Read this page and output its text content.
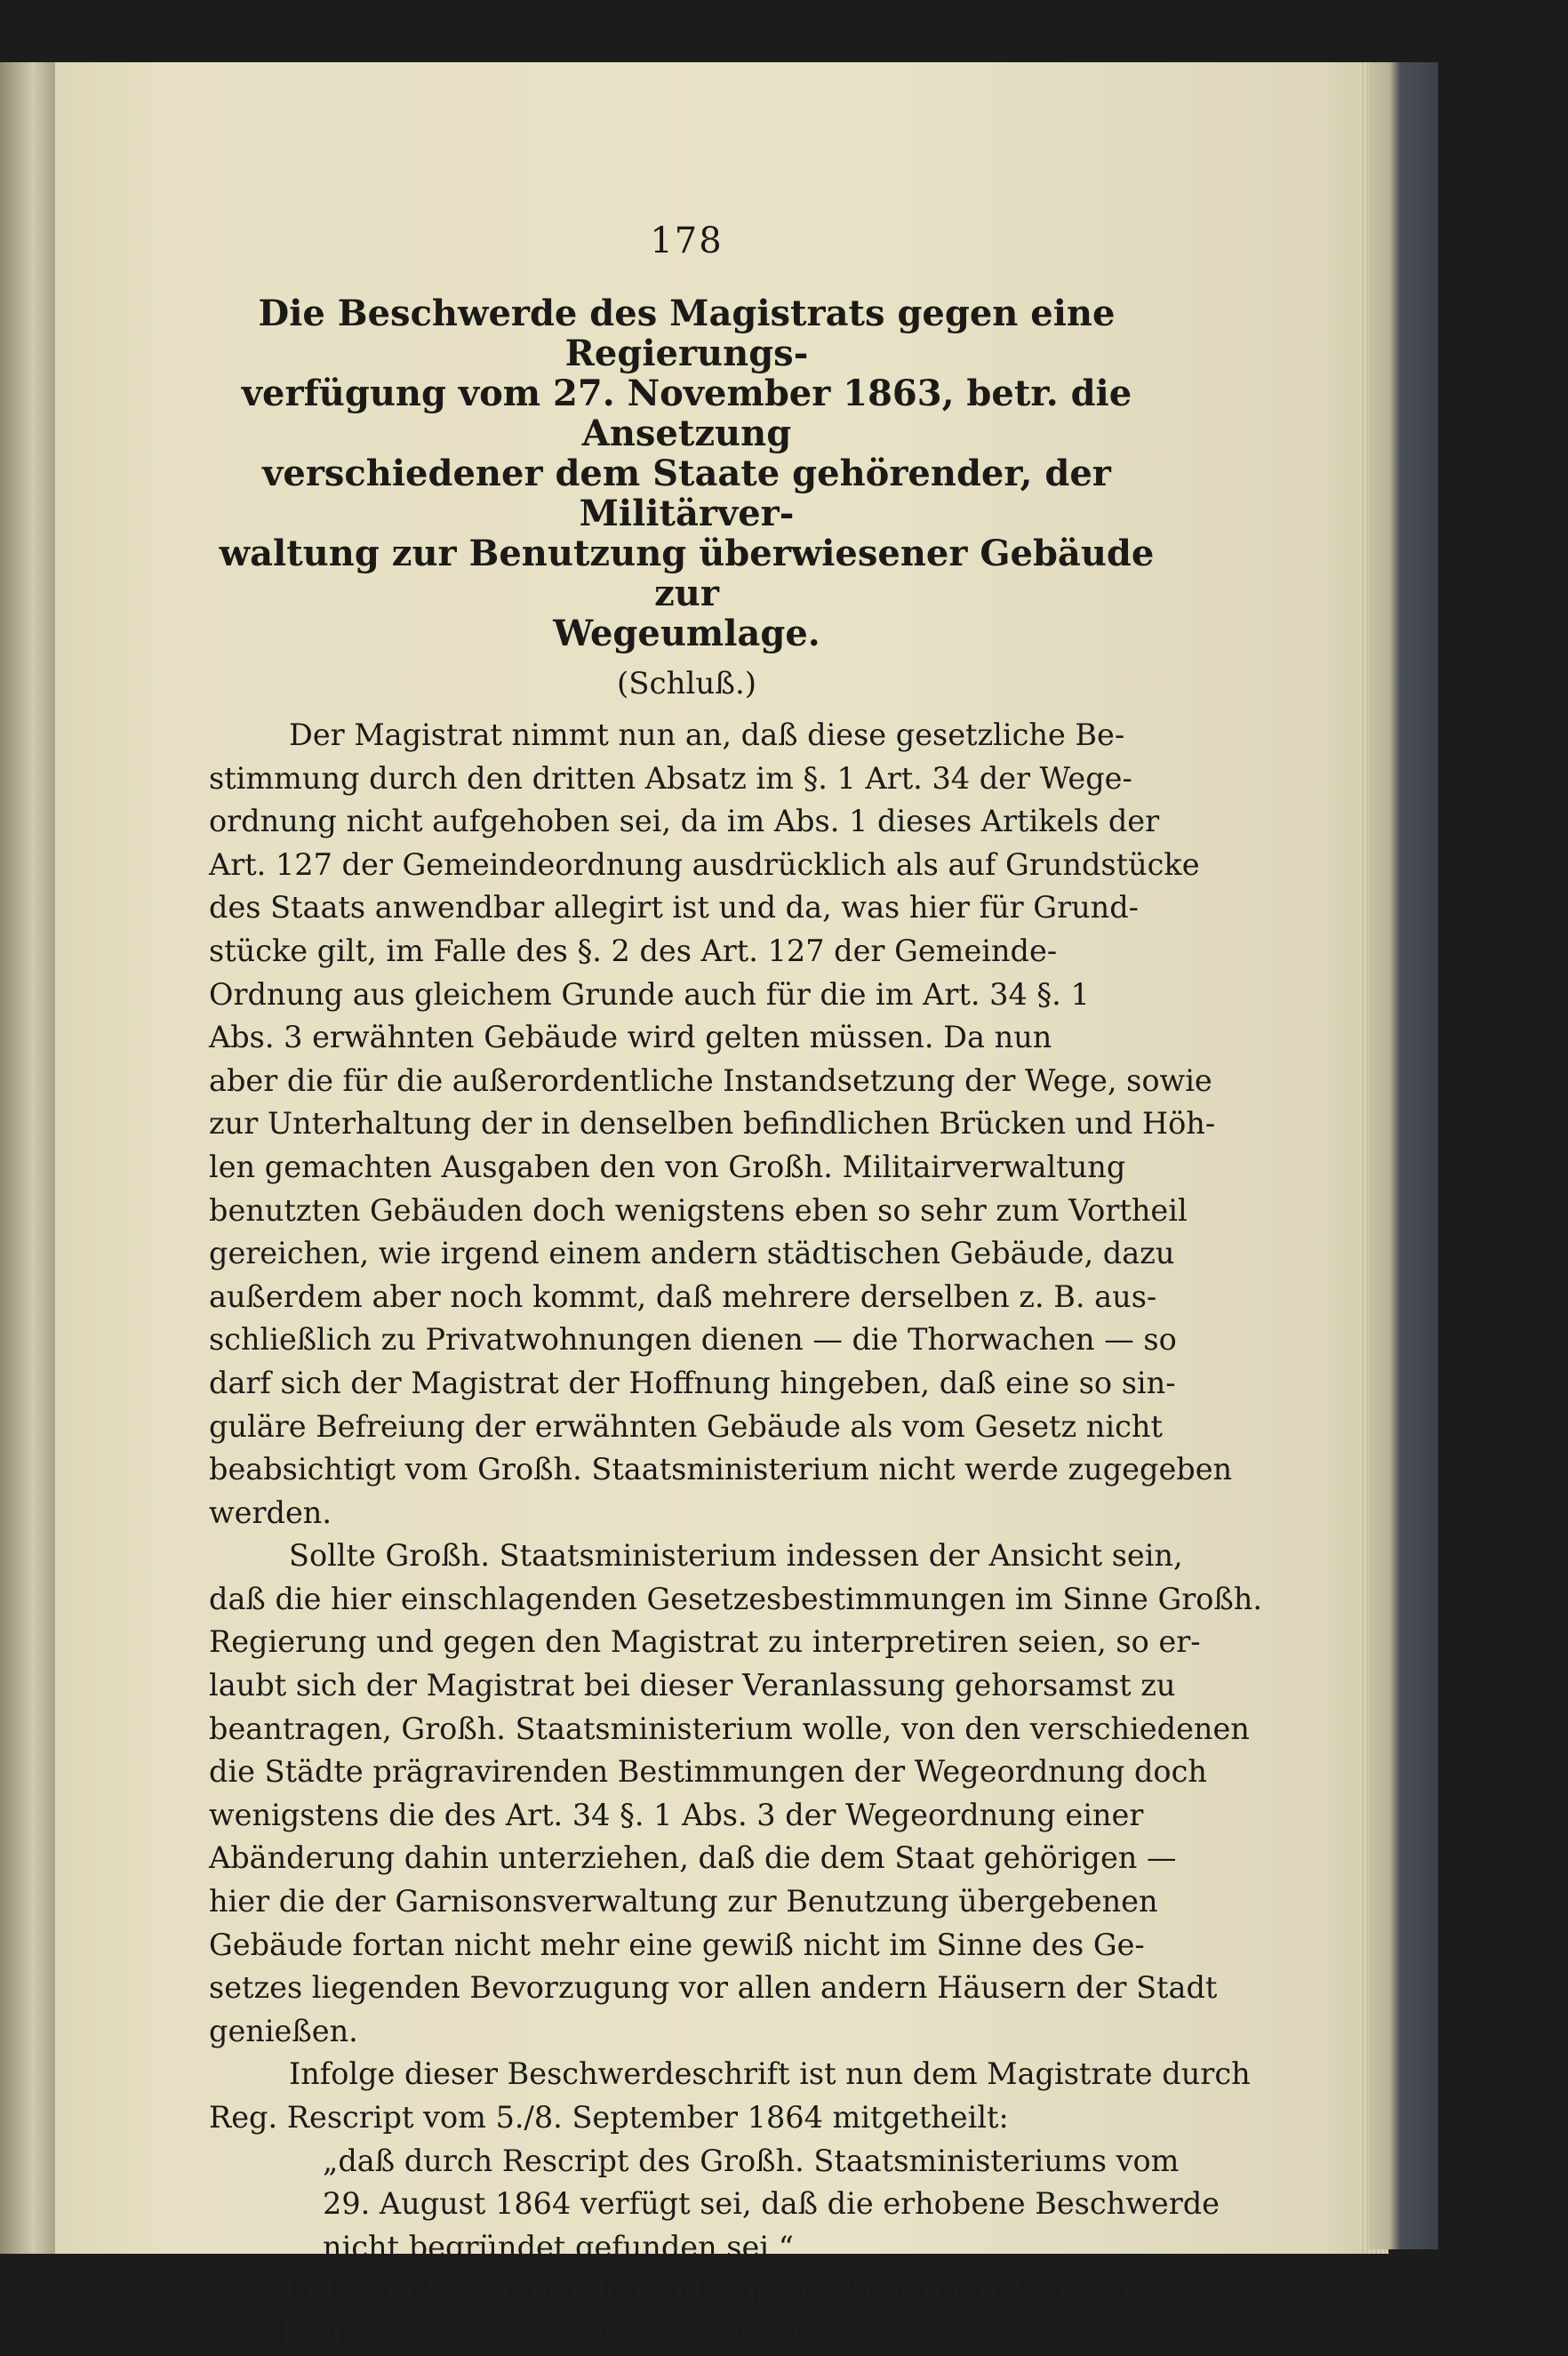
178
Die Beschwerde des Magistrats gegen eine Regierungs-
verfügung vom 27. November 1863, betr. die Ansetzung
verschiedener dem Staate gehörender, der Militärver-
waltung zur Benutzung überwiesener Gebäude zur
Wegeumlage.
(Schluß.)
Der Magistrat nimmt nun an, daß diese gesetzliche Be-
stimmung durch den dritten Absatz im §. 1 Art. 34 der Wege-
ordnung nicht aufgehoben sei, da im Abs. 1 dieses Artikels der
Art. 127 der Gemeindeordnung ausdrücklich als auf Grundstücke
des Staats anwendbar allegirt ist und da, was hier für Grund-
stücke gilt, im Falle des §. 2 des Art. 127 der Gemeinde-
Ordnung aus gleichem Grunde auch für die im Art. 34 §. 1
Abs. 3 erwähnten Gebäude wird gelten müssen. Da nun
aber die für die außerordentliche Instandsetzung der Wege, sowie
zur Unterhaltung der in denselben befindlichen Brücken und Höh-
len gemachten Ausgaben den von Großh. Militairverwaltung
benutzten Gebäuden doch wenigstens eben so sehr zum Vortheil
gereichen, wie irgend einem andern städtischen Gebäude, dazu
außerdem aber noch kommt, daß mehrere derselben z. B. aus-
schließlich zu Privatwohnungen dienen — die Thorwachen — so
darf sich der Magistrat der Hoffnung hingeben, daß eine so sin-
guläre Befreiung der erwähnten Gebäude als vom Gesetz nicht
beabsichtigt vom Großh. Staatsministerium nicht werde zugegeben
werden.
Sollte Großh. Staatsministerium indessen der Ansicht sein,
daß die hier einschlagenden Gesetzesbestimmungen im Sinne Großh.
Regierung und gegen den Magistrat zu interpretiren seien, so er-
laubt sich der Magistrat bei dieser Veranlassung gehorsamst zu
beantragen, Großh. Staatsministerium wolle, von den verschiedenen
die Städte prägravirenden Bestimmungen der Wegeordnung doch
wenigstens die des Art. 34 §. 1 Abs. 3 der Wegeordnung einer
Abänderung dahin unterziehen, daß die dem Staat gehörigen —
hier die der Garnisonsverwaltung zur Benutzung übergebenen
Gebäude fortan nicht mehr eine gewiß nicht im Sinne des Ge-
setzes liegenden Bevorzugung vor allen andern Häusern der Stadt
genießen.
Infolge dieser Beschwerdeschrift ist nun dem Magistrate durch
Reg. Rescript vom 5./8. September 1864 mitgetheilt:
„daß durch Rescript des Großh. Staatsministeriums vom
29. August 1864 verfügt sei, daß die erhobene Beschwerde
nicht begründet gefunden sei.“
In Betr. des eventuellen Antrags des Stadtmagistrats auf
Aenderung des Art. 34 §. 1 Abs. 3 der Wegeordnung, sei, wie
